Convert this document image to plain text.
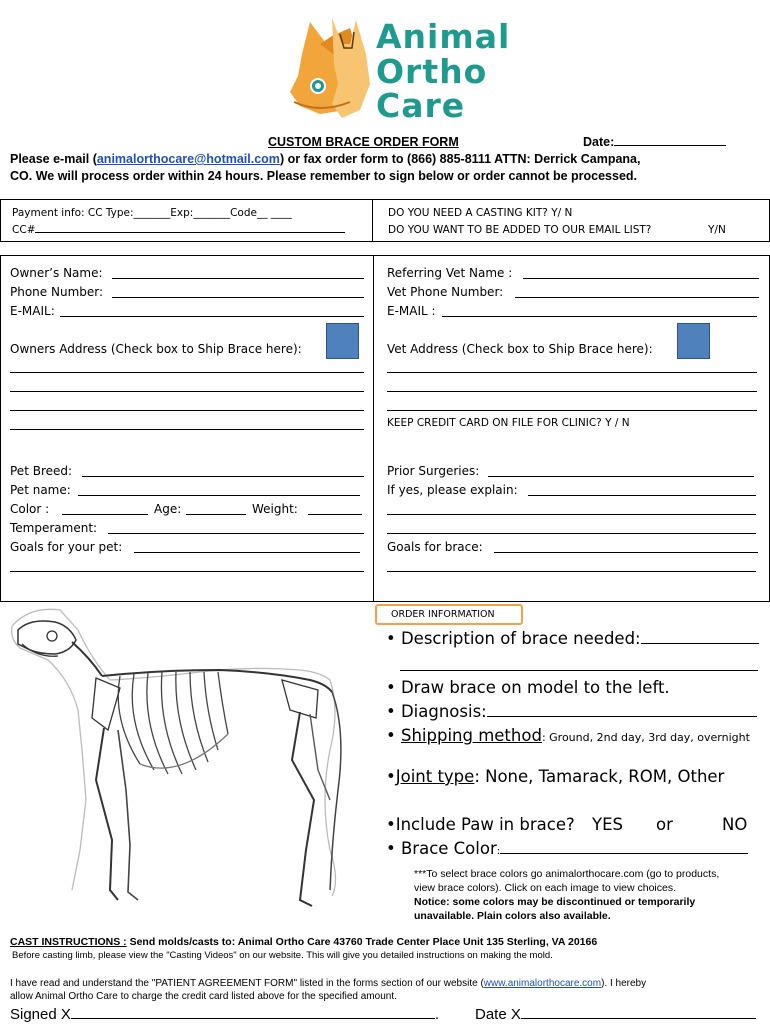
Animal
Ortho
Care
CUSTOM BRACE ORDER FORM	Date:
Please e-mail (animalorthocare@hotmail.com) or fax order form to (866) 885-8111 ATTN: Derrick Campana,
CO. We will process order within 24 hours. Please remember to sign below or order cannot be processed.
Payment info: CC Type:_______Exp:_______Code__ ____
CC#
DO YOU NEED A CASTING KIT? Y/ N
DO YOU WANT TO BE ADDED TO OUR EMAIL LIST?	Y/N
Owner’s Name:
Phone Number:
E-MAIL:
Owners Address (Check box to Ship Brace here):
Referring Vet Name :
Vet Phone Number:
E-MAIL :
Vet Address (Check box to Ship Brace here):
KEEP CREDIT CARD ON FILE FOR CLINIC? Y / N
Pet Breed:
Pet name:
Color :	Age:	Weight:
Temperament:
Goals for your pet:
Prior Surgeries:
If yes, please explain:
Goals for brace:
ORDER INFORMATION
• Description of brace needed:
• Draw brace on model to the left.
• Diagnosis:
• Shipping method: Ground, 2nd day, 3rd day, overnight
•Joint type: None, Tamarack, ROM, Other
•Include Paw in brace? YES or	NO
• Brace Color:
***To select brace colors go animalorthocare.com (go to products,
view brace colors). Click on each image to view choices.
Notice: some colors may be discontinued or temporarily
unavailable. Plain colors also available.
CAST INSTRUCTIONS : Send molds/casts to: Animal Ortho Care 43760 Trade Center Place Unit 135 Sterling, VA 20166
Before casting limb, please view the "Casting Videos" on our website. This will give you detailed instructions on making the mold.
I have read and understand the "PATIENT AGREEMENT FORM" listed in the forms section of our website (www.animalorthocare.com). I hereby
allow Animal Ortho Care to charge the credit card listed above for the specified amount.
Signed X	. Date X
